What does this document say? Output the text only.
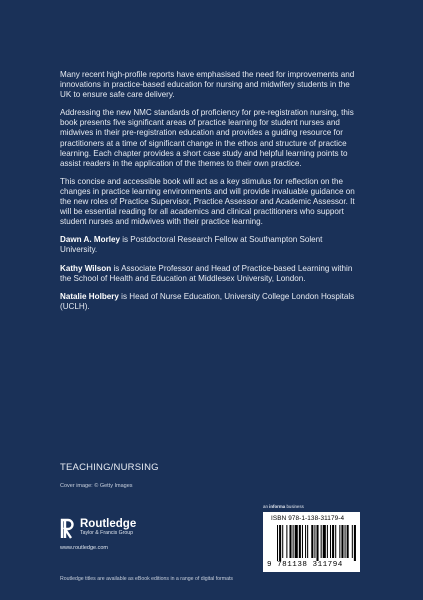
Many recent high-profile reports have emphasised the need for improvements and innovations in practice-based education for nursing and midwifery students in the UK to ensure safe care delivery.

Addressing the new NMC standards of proficiency for pre-registration nursing, this book presents five significant areas of practice learning for student nurses and midwives in their pre-registration education and provides a guiding resource for practitioners at a time of significant change in the ethos and structure of practice learning. Each chapter provides a short case study and helpful learning points to assist readers in the application of the themes to their own practice.

This concise and accessible book will act as a key stimulus for reflection on the changes in practice learning environments and will provide invaluable guidance on the new roles of Practice Supervisor, Practice Assessor and Academic Assessor. It will be essential reading for all academics and clinical practitioners who support student nurses and midwives with their practice learning.

Dawn A. Morley is Postdoctoral Research Fellow at Southampton Solent University.

Kathy Wilson is Associate Professor and Head of Practice-based Learning within the School of Health and Education at Middlesex University, London.

Natalie Holbery is Head of Nurse Education, University College London Hospitals (UCLH).

TEACHING/NURSING
Cover image: © Getty Images
Routledge
Taylor & Francis Group
www.routledge.com
an informa business
ISBN 978-1-138-31179-4
9 781138 311794
Routledge titles are available as eBook editions in a range of digital formats
